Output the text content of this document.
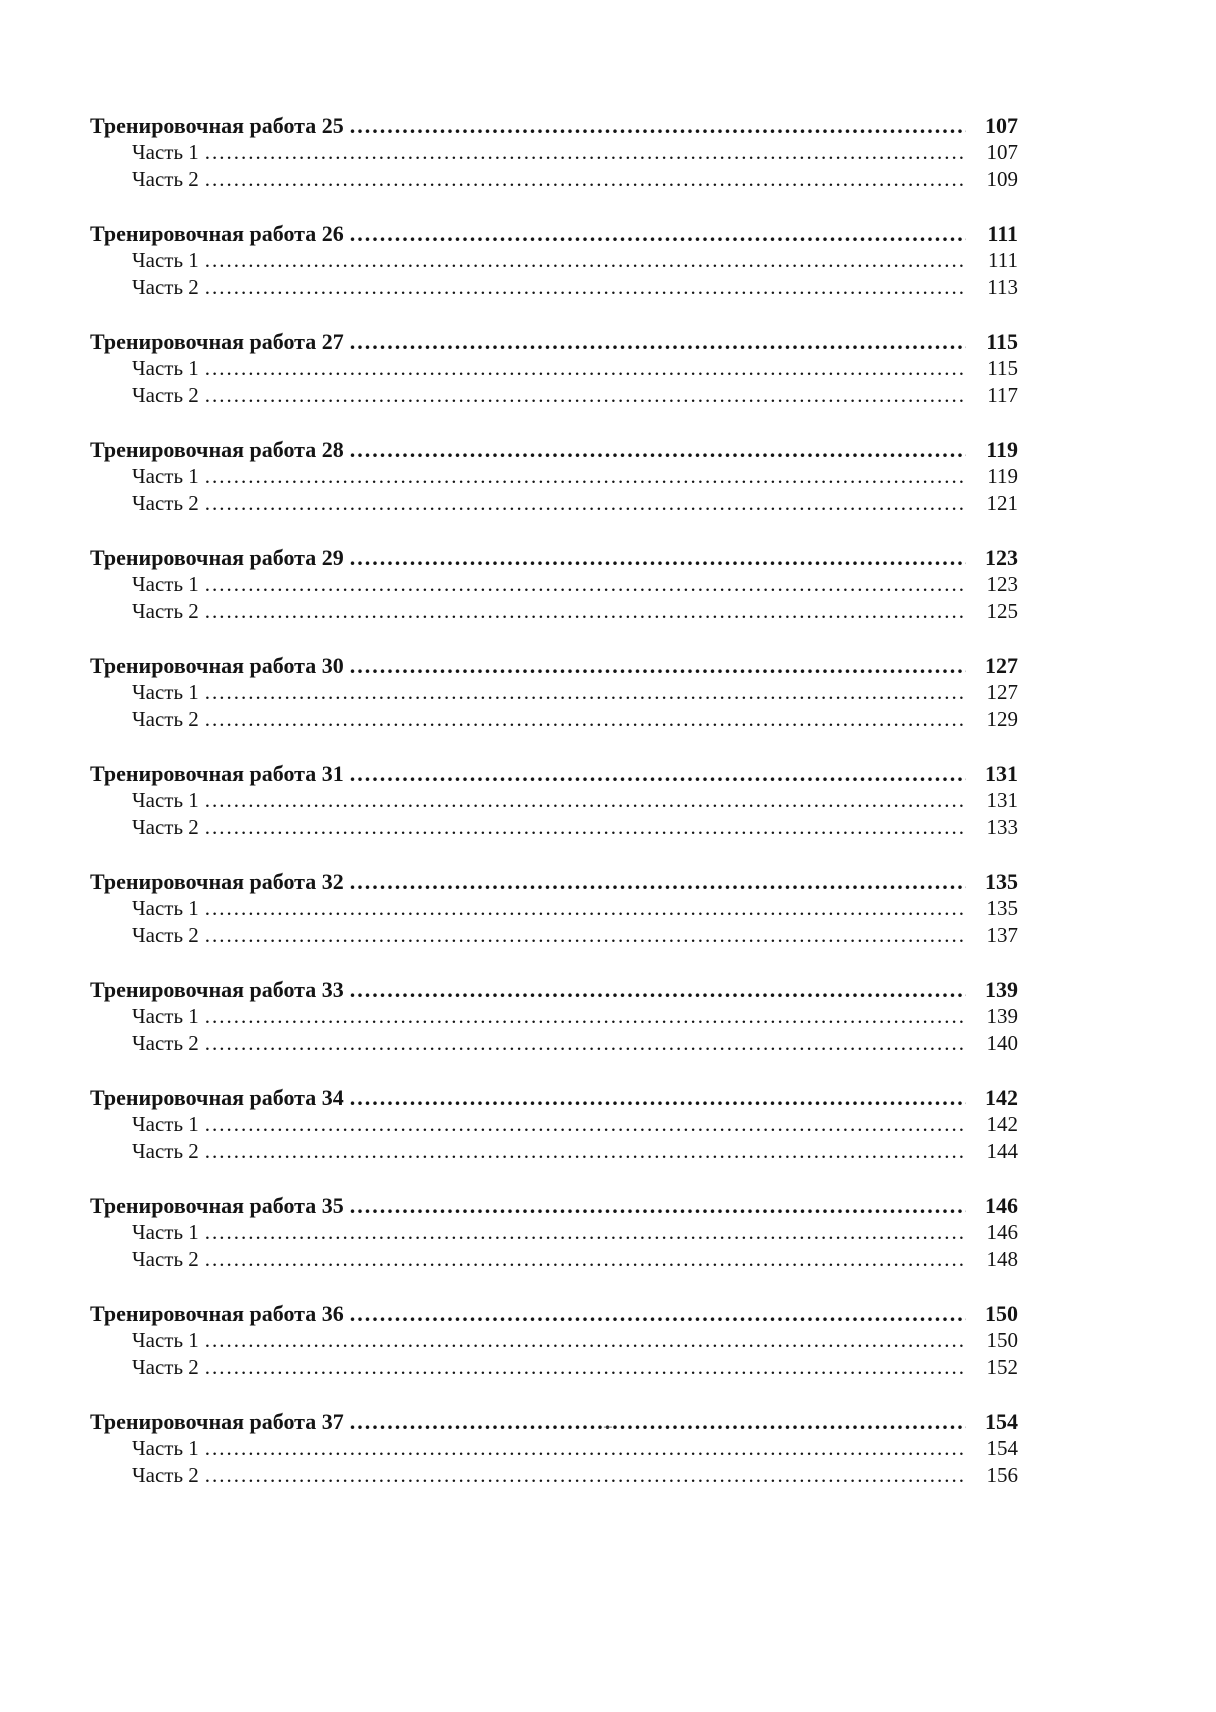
Тренировочная работа 25 .....	107
Часть 1 .....	107
Часть 2 .....	109
Тренировочная работа 26 .....	111
Часть 1 .....	111
Часть 2 .....	113
Тренировочная работа 27 .....	115
Часть 1 .....	115
Часть 2 .....	117
Тренировочная работа 28 .....	119
Часть 1 .....	119
Часть 2 .....	121
Тренировочная работа 29 .....	123
Часть 1 .....	123
Часть 2 .....	125
Тренировочная работа 30 .....	127
Часть 1 .....	127
Часть 2 .....	129
Тренировочная работа 31 .....	131
Часть 1 .....	131
Часть 2 .....	133
Тренировочная работа 32 .....	135
Часть 1 .....	135
Часть 2 .....	137
Тренировочная работа 33 .....	139
Часть 1 .....	139
Часть 2 .....	140
Тренировочная работа 34 .....	142
Часть 1 .....	142
Часть 2 .....	144
Тренировочная работа 35 .....	146
Часть 1 .....	146
Часть 2 .....	148
Тренировочная работа 36 .....	150
Часть 1 .....	150
Часть 2 .....	152
Тренировочная работа 37 .....	154
Часть 1 .....	154
Часть 2 .....	156
–
